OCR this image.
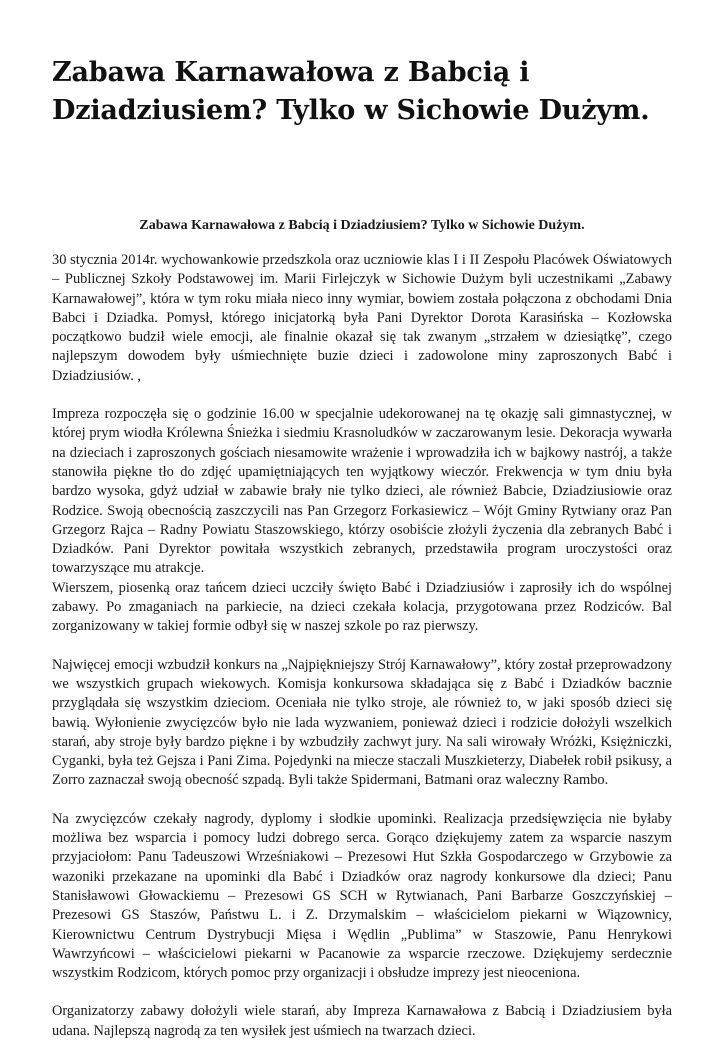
Zabawa Karnawałowa z Babcią i Dziadziusiem? Tylko w Sichowie Dużym.
Zabawa Karnawałowa z Babcią i Dziadziusiem? Tylko w Sichowie Dużym.

30 stycznia 2014r. wychowankowie przedszkola oraz uczniowie klas I i II Zespołu Placówek Oświatowych – Publicznej Szkoły Podstawowej im. Marii Firlejczyk w Sichowie Dużym byli uczestnikami „Zabawy Karnawałowej”, która w tym roku miała nieco inny wymiar, bowiem została połączona z obchodami Dnia Babci i Dziadka. Pomysł, którego inicjatorką była Pani Dyrektor Dorota Karasińska – Kozłowska początkowo budził wiele emocji, ale finalnie okazał się tak zwanym „strzałem w dziesiątkę”, czego najlepszym dowodem były uśmiechnięte buzie dzieci i zadowolone miny zaproszonych Babć i Dziadziusiów. ,

Impreza rozpoczęła się o godzinie 16.00 w specjalnie udekorowanej na tę okazję sali gimnastycznej, w której prym wiodła Królewna Śnieżka i siedmiu Krasnoludków w zaczarowanym lesie. Dekoracja wywarła na dzieciach i zaproszonych gościach niesamowite wrażenie i wprowadziła ich w bajkowy nastrój, a także stanowiła piękne tło do zdjęć upamiętniających ten wyjątkowy wieczór. Frekwencja w tym dniu była bardzo wysoka, gdyż udział w zabawie brały nie tylko dzieci, ale również Babcie, Dziadziusiowie oraz Rodzice. Swoją obecnością zaszczycili nas Pan Grzegorz Forkasiewicz – Wójt Gminy Rytwiany oraz Pan Grzegorz Rajca – Radny Powiatu Staszowskiego, którzy osobiście złożyli życzenia dla zebranych Babć i Dziadków. Pani Dyrektor powitała wszystkich zebranych, przedstawiła program uroczystości oraz towarzyszące mu atrakcje.
Wierszem, piosenką oraz tańcem dzieci uczciły święto Babć i Dziadziusiów i zaprosiły ich do wspólnej zabawy. Po zmaganiach na parkiecie, na dzieci czekała kolacja, przygotowana przez Rodziców. Bal zorganizowany w takiej formie odbył się w naszej szkole po raz pierwszy.

Najwięcej emocji wzbudził konkurs na „Najpiękniejszy Strój Karnawałowy”, który został przeprowadzony we wszystkich grupach wiekowych. Komisja konkursowa składająca się z Babć i Dziadków bacznie przyglądała się wszystkim dzieciom. Oceniała nie tylko stroje, ale również to, w jaki sposób dzieci się bawią. Wyłonienie zwycięzców było nie lada wyzwaniem, ponieważ dzieci i rodzicie dołożyli wszelkich starań, aby stroje były bardzo piękne i by wzbudziły zachwyt jury. Na sali wirowały Wróżki, Księżniczki, Cyganki, była też Gejsza i Pani Zima. Pojedynki na miecze staczali Muszkieterzy, Diabełek robił psikusy, a Zorro zaznaczał swoją obecność szpadą. Byli także Spidermani, Batmani oraz waleczny Rambo.

Na zwycięzców czekały nagrody, dyplomy i słodkie upominki. Realizacja przedsięwzięcia nie byłaby możliwa bez wsparcia i pomocy ludzi dobrego serca. Gorąco dziękujemy zatem za wsparcie naszym przyjaciołom: Panu Tadeuszowi Wrześniakowi – Prezesowi Hut Szkła Gospodarczego w Grzybowie za wazoniki przekazane na upominki dla Babć i Dziadków oraz nagrody konkursowe dla dzieci; Panu Stanisławowi Głowackiemu – Prezesowi GS SCH w Rytwianach, Pani Barbarze Goszczyńskiej – Prezesowi GS Staszów, Państwu L. i Z. Drzymalskim – właścicielom piekarni w Wiązownicy, Kierownictwu Centrum Dystrybucji Mięsa i Wędlin „Publima” w Staszowie, Panu Henrykowi Wawrzyńcowi – właścicielowi piekarni w Pacanowie za wsparcie rzeczowe. Dziękujemy serdecznie wszystkim Rodzicom, których pomoc przy organizacji i obsłudze imprezy jest nieoceniona.

Organizatorzy zabawy dołożyli wiele starań, aby Impreza Karnawałowa z Babcią i Dziadziusiem była udana. Najlepszą nagrodą za ten wysiłek jest uśmiech na twarzach dzieci.
